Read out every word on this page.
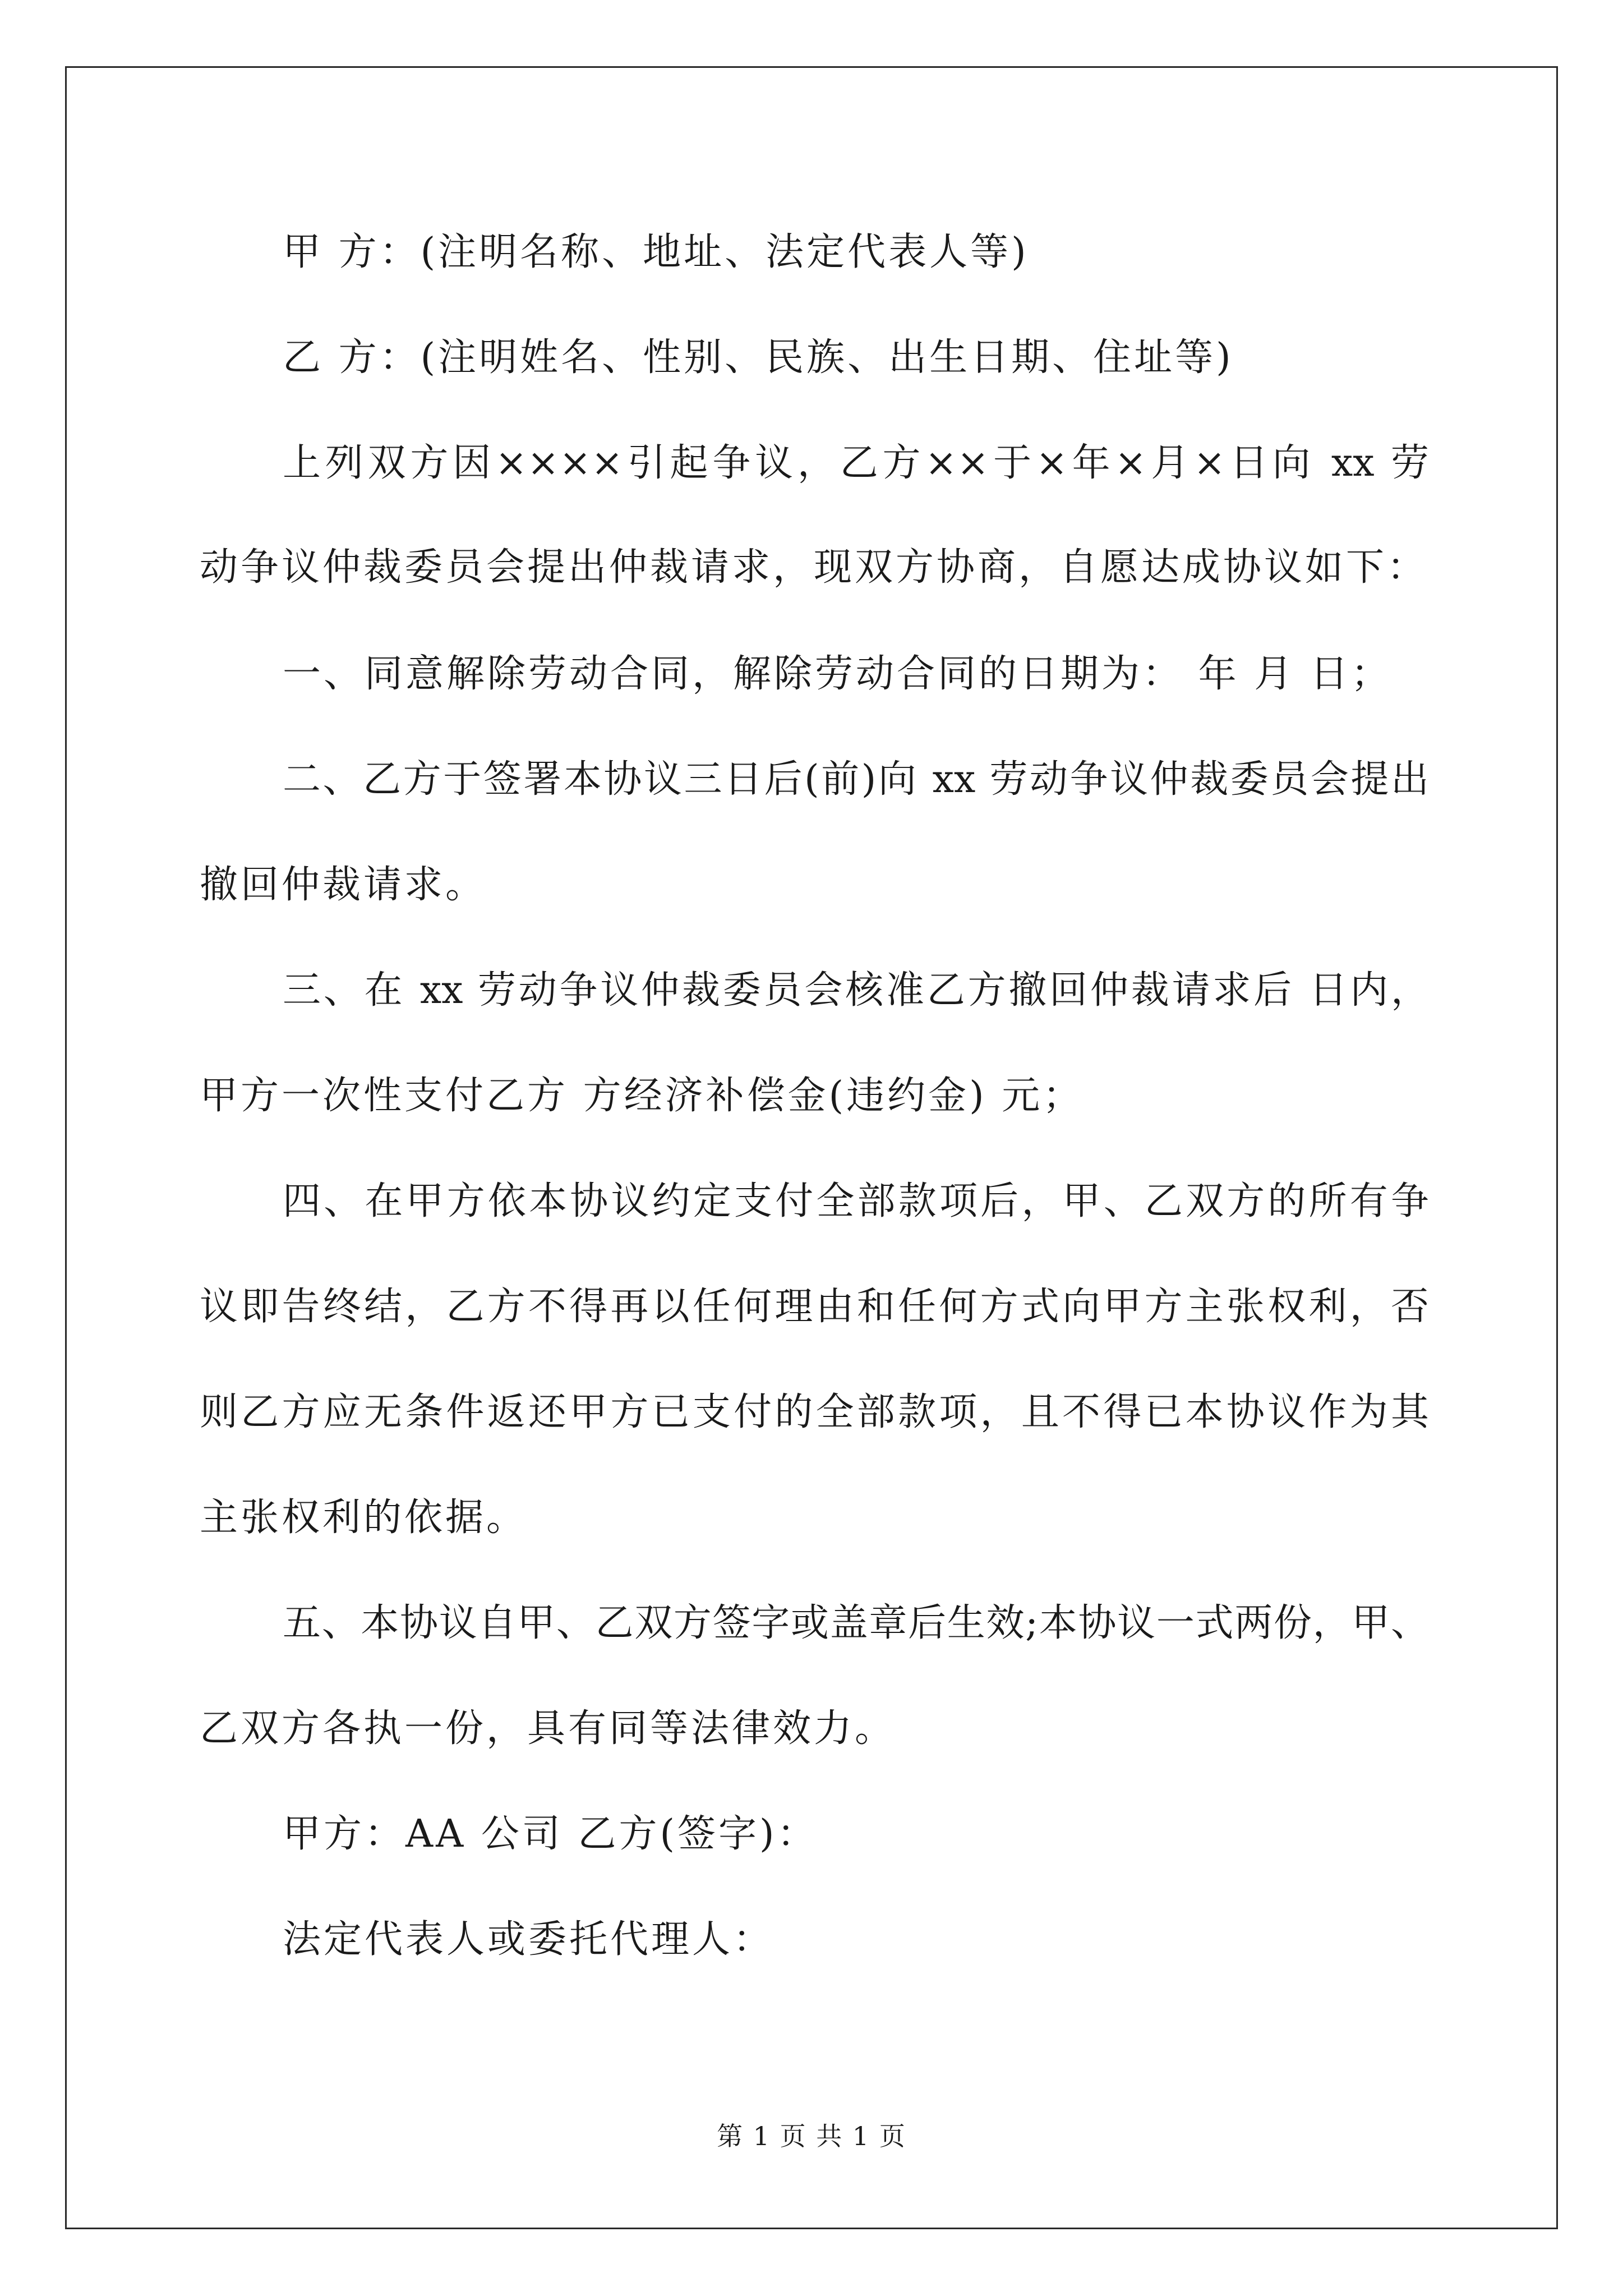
甲 方：(注明名称、地址、法定代表人等)
乙 方：(注明姓名、性别、民族、出生日期、住址等)
上列双方因××××引起争议，乙方××于×年×月×日向 xx 劳
动争议仲裁委员会提出仲裁请求，现双方协商，自愿达成协议如下：
一、同意解除劳动合同，解除劳动合同的日期为： 年 月 日；
二、乙方于签署本协议三日后(前)向 xx 劳动争议仲裁委员会提出
撤回仲裁请求。
三、在 xx 劳动争议仲裁委员会核准乙方撤回仲裁请求后 日内，
甲方一次性支付乙方 方经济补偿金(违约金) 元；
四、在甲方依本协议约定支付全部款项后，甲、乙双方的所有争
议即告终结，乙方不得再以任何理由和任何方式向甲方主张权利，否
则乙方应无条件返还甲方已支付的全部款项，且不得已本协议作为其
主张权利的依据。
五、本协议自甲、乙双方签字或盖章后生效;本协议一式两份，甲、
乙双方各执一份，具有同等法律效力。
甲方：AA 公司 乙方(签字)：
法定代表人或委托代理人：
第 1 页 共 1 页
